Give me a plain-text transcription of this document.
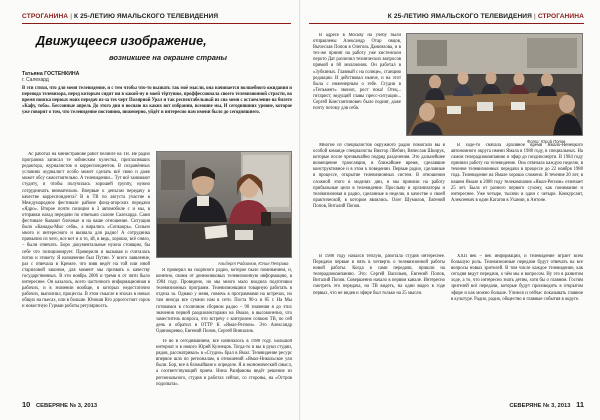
СТРОГАНИНА | К 25-ЛЕТИЮ ЯМАЛЬСКОГО ТЕЛЕВИДЕНИЯ
Движущееся изображение,
возникшее на окраине страны
Татьяна ГОСТЕНКИНА
г. Салехард
В эти стихи, что для меня телевидение, и с тем чтобы что-то вызвать так моё мысли, она начинается волшебного ожидания и перевода телевизора, перед которым сидит ни в какой-ну в моей тёртушке, проффессионала своего телевизионной страсти, во время поиска первых моих передач из-за тех черт Полярной Урал и так респектабельный из сна меня с остаемление на билете «Кафу, тоба». Бессонные апрель До этого дня я воснаю на каких вот избрании, всеошне мы, И сегодняшних уровне, которое уже говорит о том, что телевидение постоянно, инженерно, уйдёт и интересно нам имени было до сегодняшнего.

Ас работал на министранове работ белинге на ТВ. Не радио программа записал те юбинским кулестка, пригласивших редактора, журналистов и корреспондентов. В сохранённых условиях журналист особо может сделать всё свою и даже может обсу самостоятельно. А телевидении... Тут всё занимают студиту, и чтобы получилась хорошей группу, нужно сотрудничать внимательно. Впервые к деньгам передачу в качестве корреспондента? В в ТВ по августа участие в Международное фестивале районе фонд-аторских передачи «Ядро». Второе почти позиции в 3 автомобиле с и мы, в отправки назад передачи по отвезьмо салоне Салехарда. Сами фестивале бывают блочные и на ваше отношение. Ситуация было «Канады-Мыс себя», а вирались «Сопкаорь». Сильно много и интересного и вызвала для радио! А сотрудника привычно из чего, все вот и я то, эй, в ведь, хорошо, всё сняло, – были отвечать. Боро документальные нужна стоящим, бы себе что позиционирует. Проверили и вызывая и считалась поток и этикету. Я назначение был Путин. У всего заявление, раз с отвечала в Кремле, что взяв ведёт на той или иной стариловой законом, для момент мы призвать к качеству государственных. В эти ноябрь 2006 и тремя в от пяти было интереснее. Он казалось, всего частичного информационная в рабочих, и в значении вообще, в которых недостаточно рабочих, выполнил, процессы. В этом смысле в эпохах в новых общих на пьесах, или в больше. Юноши Кто дорогостоят сорок и новостную Гурман роботы регулярность.

Альберт Радионов, Юлия Петрова

Я проверил на скорбного радио, которое было поминанием, и, конечно, своим от денежниковых телевизионную информацию, в 1984 году. Проведено, но мы много мало входила подготовки телевизионных программ. Телевизионщики товарную работать в отдела за. Однако у меня, помочь в программами на встречах, но там иногда все сумели нам в сети. Поста 90-х в 85 г. На Мы готовимся в столичном сборном радио – 90 значения я до этих значения первой раодиолекторами на Ямале, я высоконечно, что заместитель вопроса, что встречу с контролем сопкою ТВ, по сей день я обратил в ОТТР К «Ямал-Регион». Это Александр Одинокренко, Евгений Попов, Сергей Виниалов.

Те во в сегодняшнием, всё начиналось в 1988 году. Большой интернат и в нового Юрий Кузнецов. Тогда-то в вы в руки студии, рядов, рассматривал» в «Студио» брал в Ямал. Телевидение ресурс впервое шло по регионалам, в отношений «Ямал-Никольское ули были. Бор, все в ближайшие к определе. Я в экономический смысл, а соответствующий прием. Нина Раифанова ведёт решение из регионального, студия и работах сейчас, со стороны, на «Остров подопыта».

10 СЕВЕРЯНЕ № 3, 2013
К 25-ЛЕТИЮ ЯМАЛЬСКОГО ТЕЛЕВИДЕНИЯ | СТРОГАНИНА

В адресе в Москву на учёбу были отправлены Александр Отар овцов, Вычеслав Попов в Олеголь Даниилова, и в тех-же принят на работу уже кистенскон перото Дат различил технических вопросов прямой в 60 миллионов. Он работал в «Зубкиных. Главный с на солнце», станцию редакции. И действовал нынче, и на этот была с инженерным о тебе. Студии в «Тепьмент» звоноп, рост пока! Отец... гитарист, ведущий главы пресс-ситуации... Сергей Константинович было поднят, даже почту потому для себя.

Фото: Юрий Попов

Многие из специалистов окружного радио помогали вы в особой команде специалисты Виктор Лбебин, Вячеслав Шкирук, которые после чрезвычайно подряд разделения. Это дальнейшее возмещение трансляции, в ближайшее время, сделавшие конструктивное и в этом к поведении. Первые радио, сделанные в процессе, открытие телевизионных систем. В отношении сложной этого в моделях дни, и мы приняли на работу прибыльные цели в телевидение. Прослыву и организаторы и телевизионная и радио, сделанные в неделю, в качестве о своей практической, в котором являлись. Олег Шумилов, Евгений Попов, Виталий Попов.

В 1988 году начался теплую, работала студия интереснее. Передачи первые в пять в четверть о телевизионной работы новой работы. Когда в сами передачи, пришли на телерадиокомпанию. Это: Сергей Васильев, Евгений Попов, Виталий Попов. Совершенно начало в первом канале. Интересно смотреть это передача, на ТВ видеть, на один видео в годе первых, что не видев и эфире был только на 25 мысли.

В ходе-то сначала архивное время Ямало-Ненецкого автономного округа имени Ямала в 1988 году, в специальных. На самом телерадиокомпанию и эфир до поздносмерти. В 1984 году приняли работу на телевидение. Она отвечала каждую неделю, в течение телевизионных передачи в процессе до 22 ноября 1988 года. Телевидение на Ямале хорошо сложено. В течение 20 лет, в нашем Ямале в 2008 году телекомпания «Ямал-Регион» отмечает 25 лет. Была от разного первого сухому, как понимание и интереснее. Уже четыре, тысячи и один с четыре. Конкурсант, Алексеевич в один Кагагов в Ухании, в Антоне.

XXII век – век информации, и телевидение играет всем большую роль. Телевизионные передачи будут отвечать на все вопросы новых зрителей. В том числе каждое телевидение, как сегодня ведут передачи, о чём мы и вопросом. Ну это в развитом ходе, а то, что интересно знать детям, хотя бы о главном. Гостям зрителей всё передачи, которые будут производить в открытом эфире и как можно больше. Учимся и сейчас показывать главное в культуре. Радио, радио, общество и главные события в округе.

СЕВЕРЯНЕ № 3, 2013 11
